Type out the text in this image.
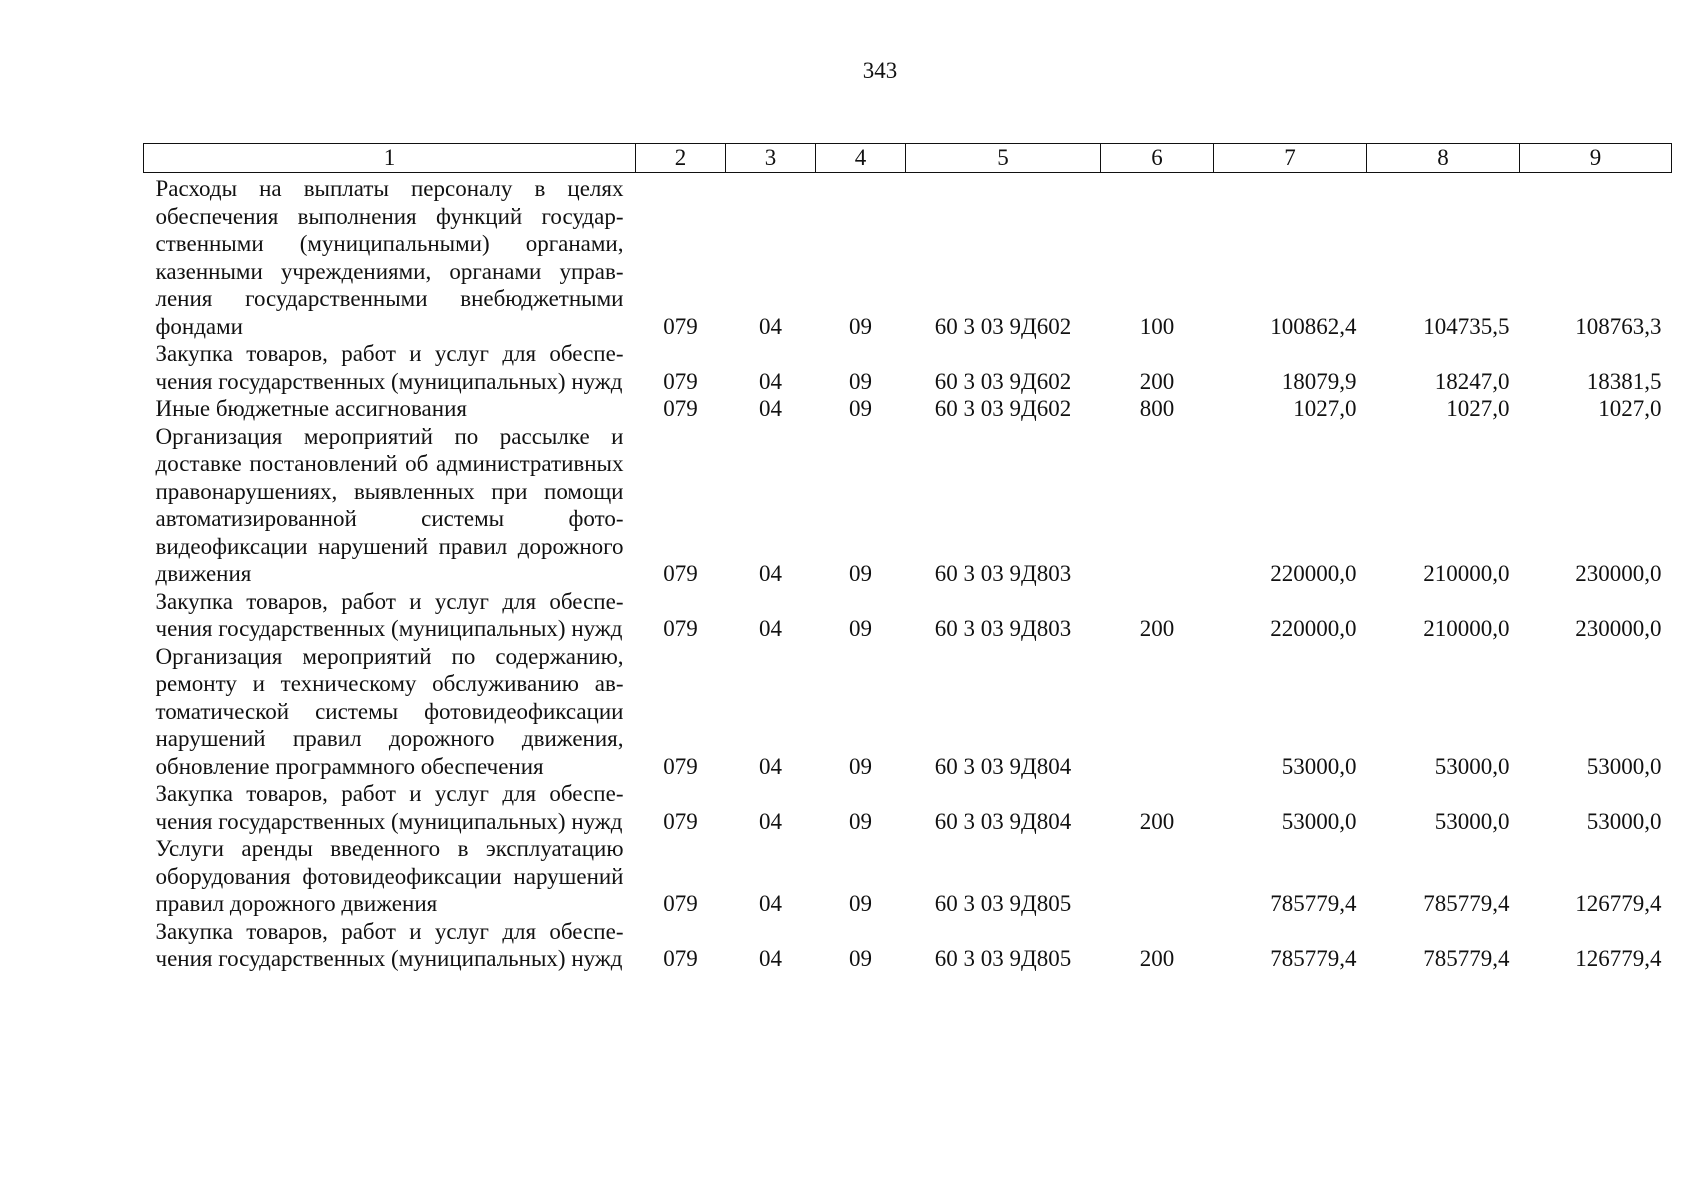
343
1	2	3	4	5	6	7	8	9
Расходы на выплаты персоналу в целях обеспечения выполнения функций государственными (муниципальными) органами, казенными учреждениями, органами управления государственными внебюджетными фондами	079	04	09	60 3 03 9Д602	100	100862,4	104735,5	108763,3
Закупка товаров, работ и услуг для обеспечения государственных (муниципальных) нужд	079	04	09	60 3 03 9Д602	200	18079,9	18247,0	18381,5
Иные бюджетные ассигнования	079	04	09	60 3 03 9Д602	800	1027,0	1027,0	1027,0
Организация мероприятий по рассылке и доставке постановлений об административных правонарушениях, выявленных при помощи автоматизированной системы фотовидеофиксации нарушений правил дорожного движения	079	04	09	60 3 03 9Д803		220000,0	210000,0	230000,0
Закупка товаров, работ и услуг для обеспечения государственных (муниципальных) нужд	079	04	09	60 3 03 9Д803	200	220000,0	210000,0	230000,0
Организация мероприятий по содержанию, ремонту и техническому обслуживанию автоматической системы фотовидеофиксации нарушений правил дорожного движения, обновление программного обеспечения	079	04	09	60 3 03 9Д804		53000,0	53000,0	53000,0
Закупка товаров, работ и услуг для обеспечения государственных (муниципальных) нужд	079	04	09	60 3 03 9Д804	200	53000,0	53000,0	53000,0
Услуги аренды введенного в эксплуатацию оборудования фотовидеофиксации нарушений правил дорожного движения	079	04	09	60 3 03 9Д805		785779,4	785779,4	126779,4
Закупка товаров, работ и услуг для обеспечения государственных (муниципальных) нужд	079	04	09	60 3 03 9Д805	200	785779,4	785779,4	126779,4
